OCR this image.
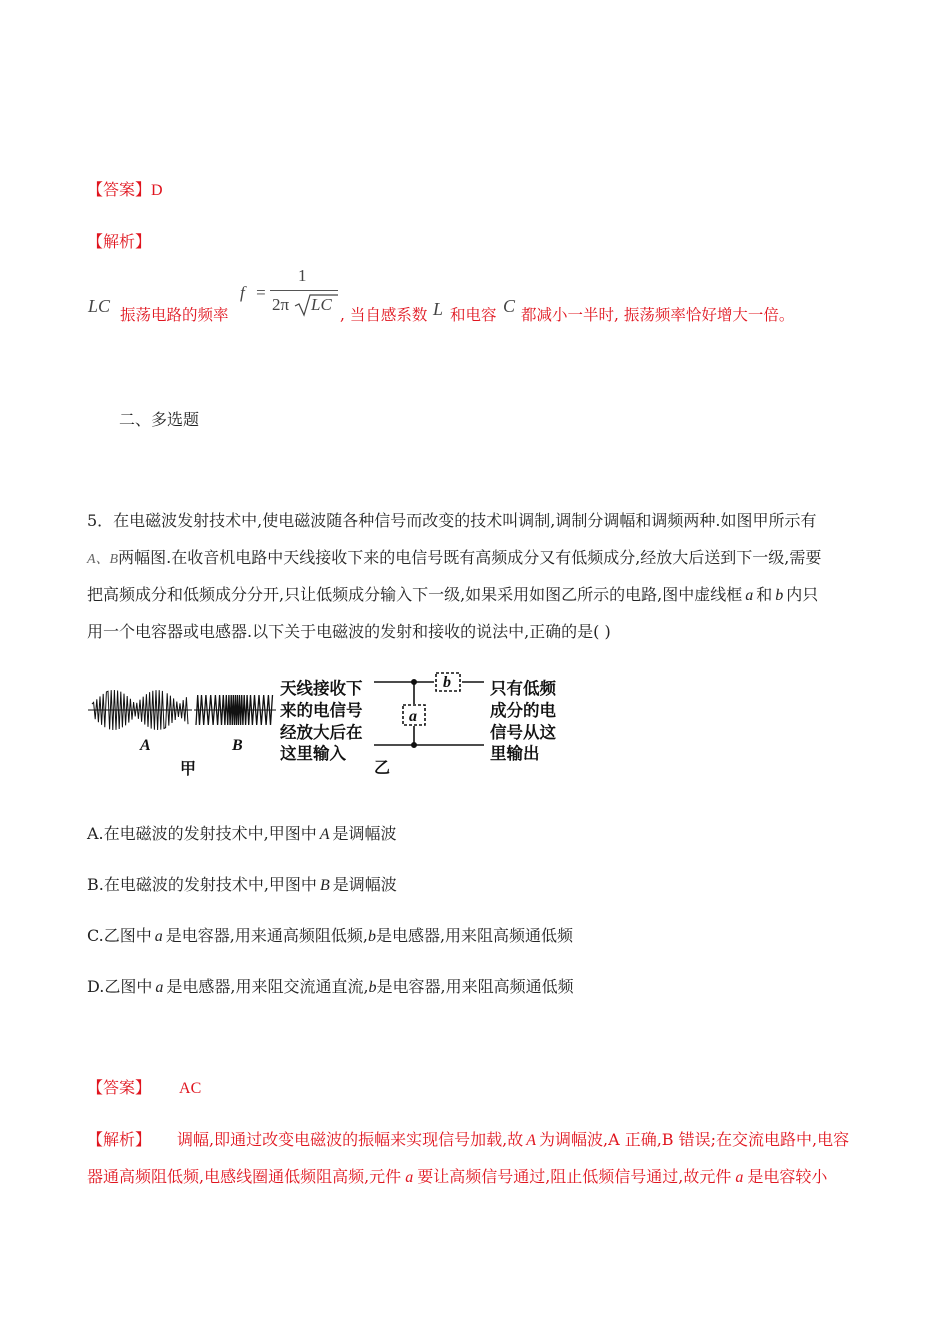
【答案】D
【解析】
LC 振荡电路的频率
f =
1
2π LC
, 当自感系数 L 和电容 C 都减小一半时, 振荡频率恰好增大一倍。
二、多选题
5．在电磁波发射技术中,使电磁波随各种信号而改变的技术叫调制,调制分调幅和调频两种.如图甲所示有
A、B两幅图.在收音机电路中天线接收下来的电信号既有高频成分又有低频成分,经放大后送到下一级,需要
把高频成分和低频成分分开,只让低频成分输入下一级,如果采用如图乙所示的电路,图中虚线框 a 和 b 内只
用一个电容器或电感器.以下关于电磁波的发射和接收的说法中,正确的是( )
A	B
甲
天线接收下
来的电信号
经放大后在
这里输入
b
a
乙
只有低频
成分的电
信号从这
里输出
A.在电磁波的发射技术中,甲图中 A 是调幅波
B.在电磁波的发射技术中,甲图中 B 是调幅波
C.乙图中 a 是电容器,用来通高频阻低频,b是电感器,用来阻高频通低频
D.乙图中 a 是电感器,用来阻交流通直流,b是电容器,用来阻高频通低频
【答案】 AC
【解析】 调幅,即通过改变电磁波的振幅来实现信号加载,故 A 为调幅波,A 正确,B 错误;在交流电路中,电容
器通高频阻低频,电感线圈通低频阻高频,元件 a 要让高频信号通过,阻止低频信号通过,故元件 a 是电容较小
